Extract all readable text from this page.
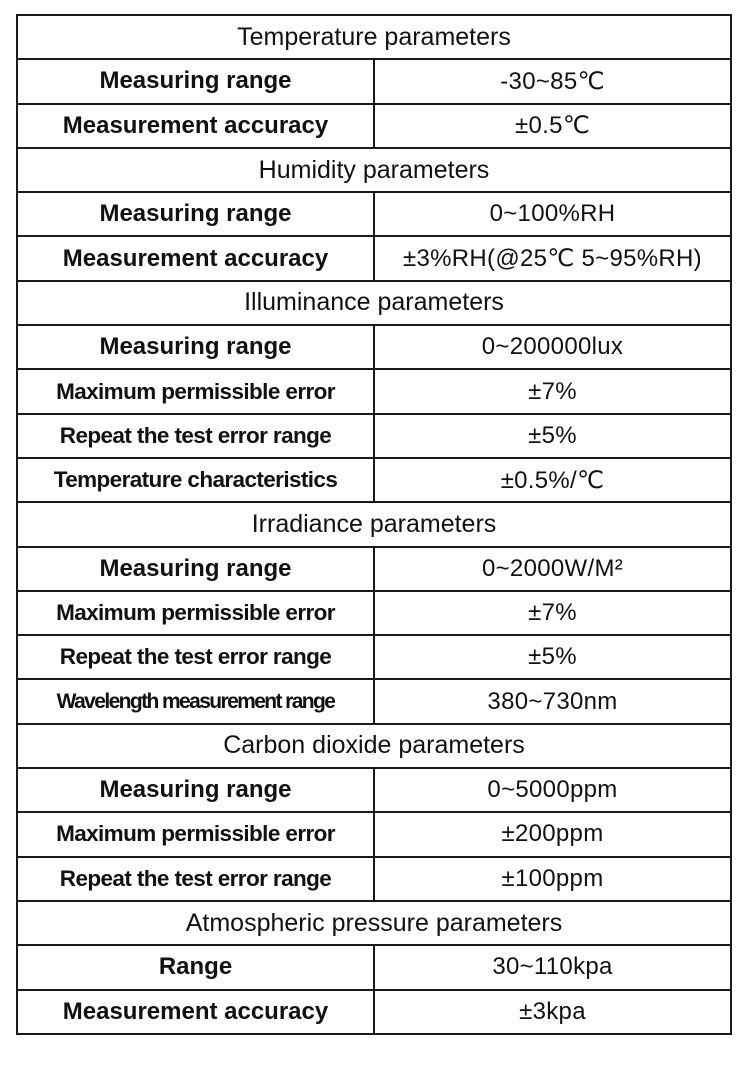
Temperature parameters	
Measuring range	-30~85℃
Measurement accuracy	±0.5℃
Humidity parameters	
Measuring range	0~100%RH
Measurement accuracy	±3%RH(@25℃ 5~95%RH)
Illuminance parameters	
Measuring range	0~200000lux
Maximum permissible error	±7%
Repeat the test error range	±5%
Temperature characteristics	±0.5%/℃
Irradiance parameters	
Measuring range	0~2000W/M²
Maximum permissible error	±7%
Repeat the test error range	±5%
Wavelength measurement range	380~730nm
Carbon dioxide parameters	
Measuring range	0~5000ppm
Maximum permissible error	±200ppm
Repeat the test error range	±100ppm
Atmospheric pressure parameters	
Range	30~110kpa
Measurement accuracy	±3kpa
